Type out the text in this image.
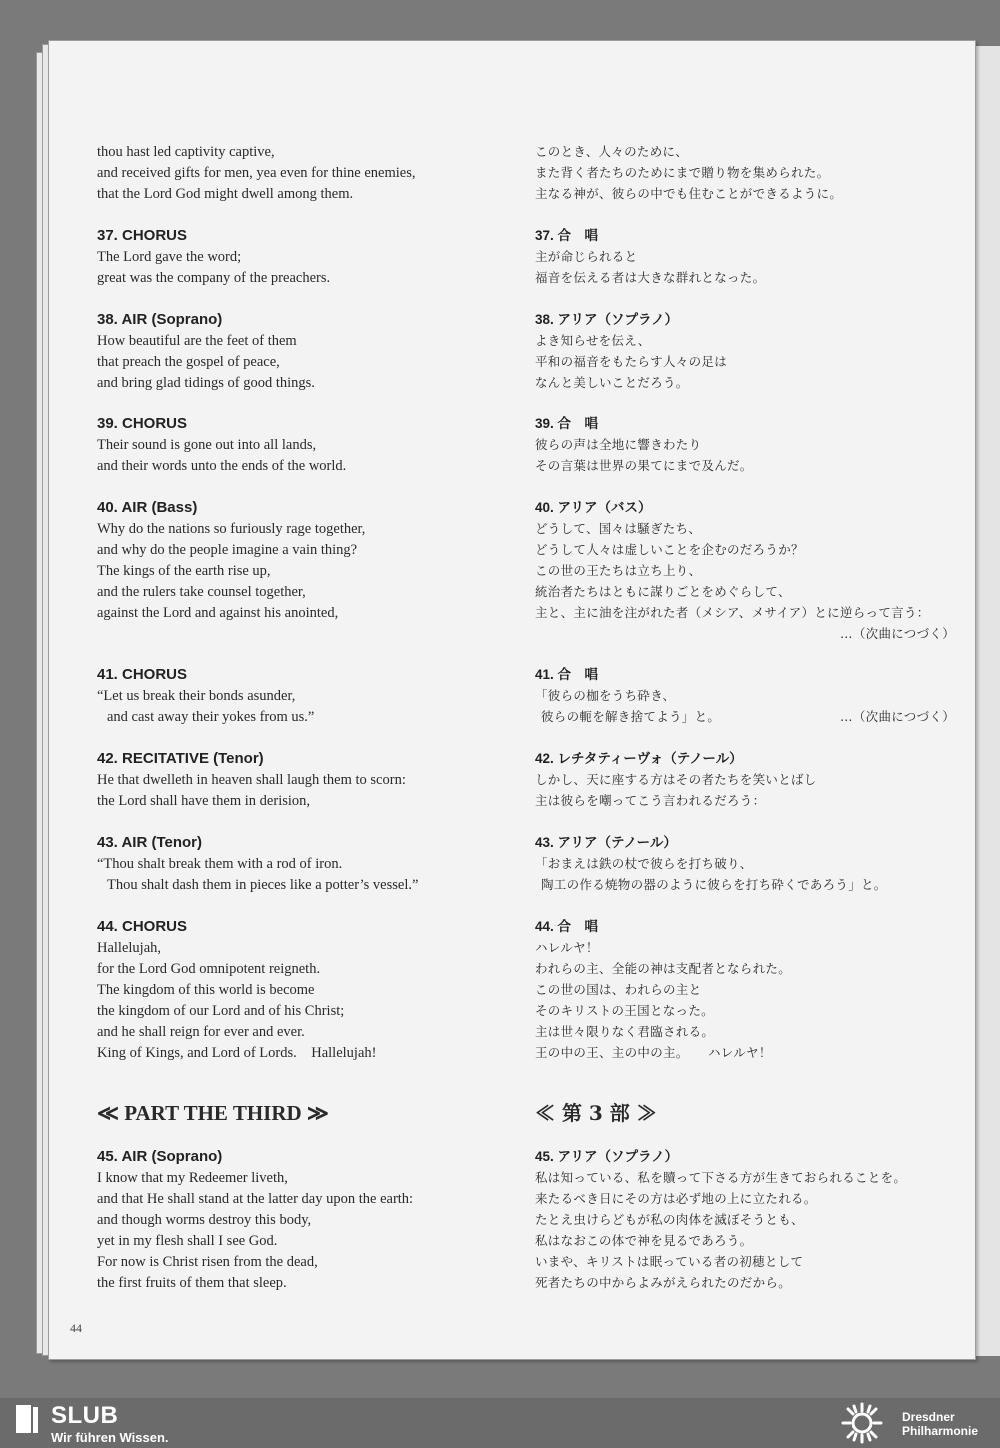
thou hast led captivity captive,
and received gifts for men, yea even for thine enemies,
that the Lord God might dwell among them.
37. CHORUS
The Lord gave the word;
great was the company of the preachers.
38. AIR (Soprano)
How beautiful are the feet of them
that preach the gospel of peace,
and bring glad tidings of good things.
39. CHORUS
Their sound is gone out into all lands,
and their words unto the ends of the world.
40. AIR (Bass)
Why do the nations so furiously rage together,
and why do the people imagine a vain thing?
The kings of the earth rise up,
and the rulers take counsel together,
against the Lord and against his anointed,
41. CHORUS
“Let us break their bonds asunder,
and cast away their yokes from us.”
42. RECITATIVE (Tenor)
He that dwelleth in heaven shall laugh them to scorn:
the Lord shall have them in derision,
43. AIR (Tenor)
“Thou shalt break them with a rod of iron.
Thou shalt dash them in pieces like a potter’s vessel.”
44. CHORUS
Hallelujah,
for the Lord God omnipotent reigneth.
The kingdom of this world is become
the kingdom of our Lord and of his Christ;
and he shall reign for ever and ever.
King of Kings, and Lord of Lords.    Hallelujah!
≪ PART THE THIRD ≫
45. AIR (Soprano)
I know that my Redeemer liveth,
and that He shall stand at the latter day upon the earth:
and though worms destroy this body,
yet in my flesh shall I see God.
For now is Christ risen from the dead,
the first fruits of them that sleep.
このとき、人々のために、
また背く者たちのためにまで贈り物を集められた。
主なる神が、彼らの中でも住むことができるように。
37. 合　唱
主が命じられると
福音を伝える者は大きな群れとなった。
38. アリア（ソプラノ）
よき知らせを伝え、
平和の福音をもたらす人々の足は
なんと美しいことだろう。
39. 合　唱
彼らの声は全地に響きわたり
その言葉は世界の果てにまで及んだ。
40. アリア（バス）
どうして、国々は騒ぎたち、
どうして人々は虚しいことを企むのだろうか？
この世の王たちは立ち上り、
統治者たちはともに謀りごとをめぐらして、
主と、主に油を注がれた者（メシア、メサイア）とに逆らって言う：
…（次曲につづく）
41. 合　唱
「彼らの枷をうち砕き、
彼らの軛を解き捨てよう」と。	…（次曲につづく）
42. レチタティーヴォ（テノール）
しかし、天に座する方はその者たちを笑いとばし
主は彼らを嘲ってこう言われるだろう：
43. アリア（テノール）
「おまえは鉄の杖で彼らを打ち破り、
陶工の作る焼物の器のように彼らを打ち砕くであろう」と。
44. 合　唱
ハレルヤ！
われらの主、全能の神は支配者となられた。
この世の国は、われらの主と
そのキリストの王国となった。
主は世々限りなく君臨される。
王の中の王、主の中の主。　　ハレルヤ！
≪ 第 3 部 ≫
45. アリア（ソプラノ）
私は知っている、私を贖って下さる方が生きておられることを。
来たるべき日にその方は必ず地の上に立たれる。
たとえ虫けらどもが私の肉体を滅ぼそうとも、
私はなおこの体で神を見るであろう。
いまや、キリストは眠っている者の初穂として
死者たちの中からよみがえられたのだから。
44
SLUB
Wir führen Wissen.
Dresdner
Philharmonie
